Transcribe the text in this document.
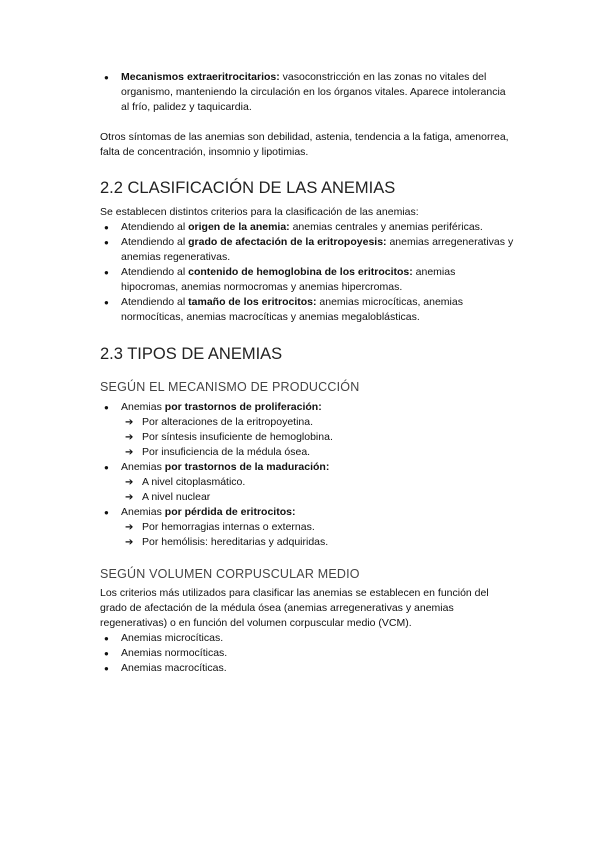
● Mecanismos extraeritrocitarios: vasoconstricción en las zonas no vitales del organismo, manteniendo la circulación en los órganos vitales. Aparece intolerancia al frío, palidez y taquicardia.

Otros síntomas de las anemias son debilidad, astenia, tendencia a la fatiga, amenorrea, falta de concentración, insomnio y lipotimias.

2.2 CLASIFICACIÓN DE LAS ANEMIAS

Se establecen distintos criterios para la clasificación de las anemias:

● Atendiendo al origen de la anemia: anemias centrales y anemias periféricas.
● Atendiendo al grado de afectación de la eritropoyesis: anemias arregenerativas y anemias regenerativas.
● Atendiendo al contenido de hemoglobina de los eritrocitos: anemias hipocromas, anemias normocromas y anemias hipercromas.
● Atendiendo al tamaño de los eritrocitos: anemias microcíticas, anemias normocíticas, anemias macrocíticas y anemias megaloblásticas.
2.3 TIPOS DE ANEMIAS
SEGÚN EL MECANISMO DE PRODUCCIÓN
● Anemias por trastornos de proliferación:
➔ Por alteraciones de la eritropoyetina.
➔ Por síntesis insuficiente de hemoglobina.
➔ Por insuficiencia de la médula ósea.
● Anemias por trastornos de la maduración:
➔ A nivel citoplasmático.
➔ A nivel nuclear
● Anemias por pérdida de eritrocitos:
➔ Por hemorragias internas o externas.
➔ Por hemólisis: hereditarias y adquiridas.
SEGÚN VOLUMEN CORPUSCULAR MEDIO

Los criterios más utilizados para clasificar las anemias se establecen en función del grado de afectación de la médula ósea (anemias arregenerativas y anemias regenerativas) o en función del volumen corpuscular medio (VCM).

● Anemias microcíticas.
● Anemias normocíticas.
● Anemias macrocíticas.
